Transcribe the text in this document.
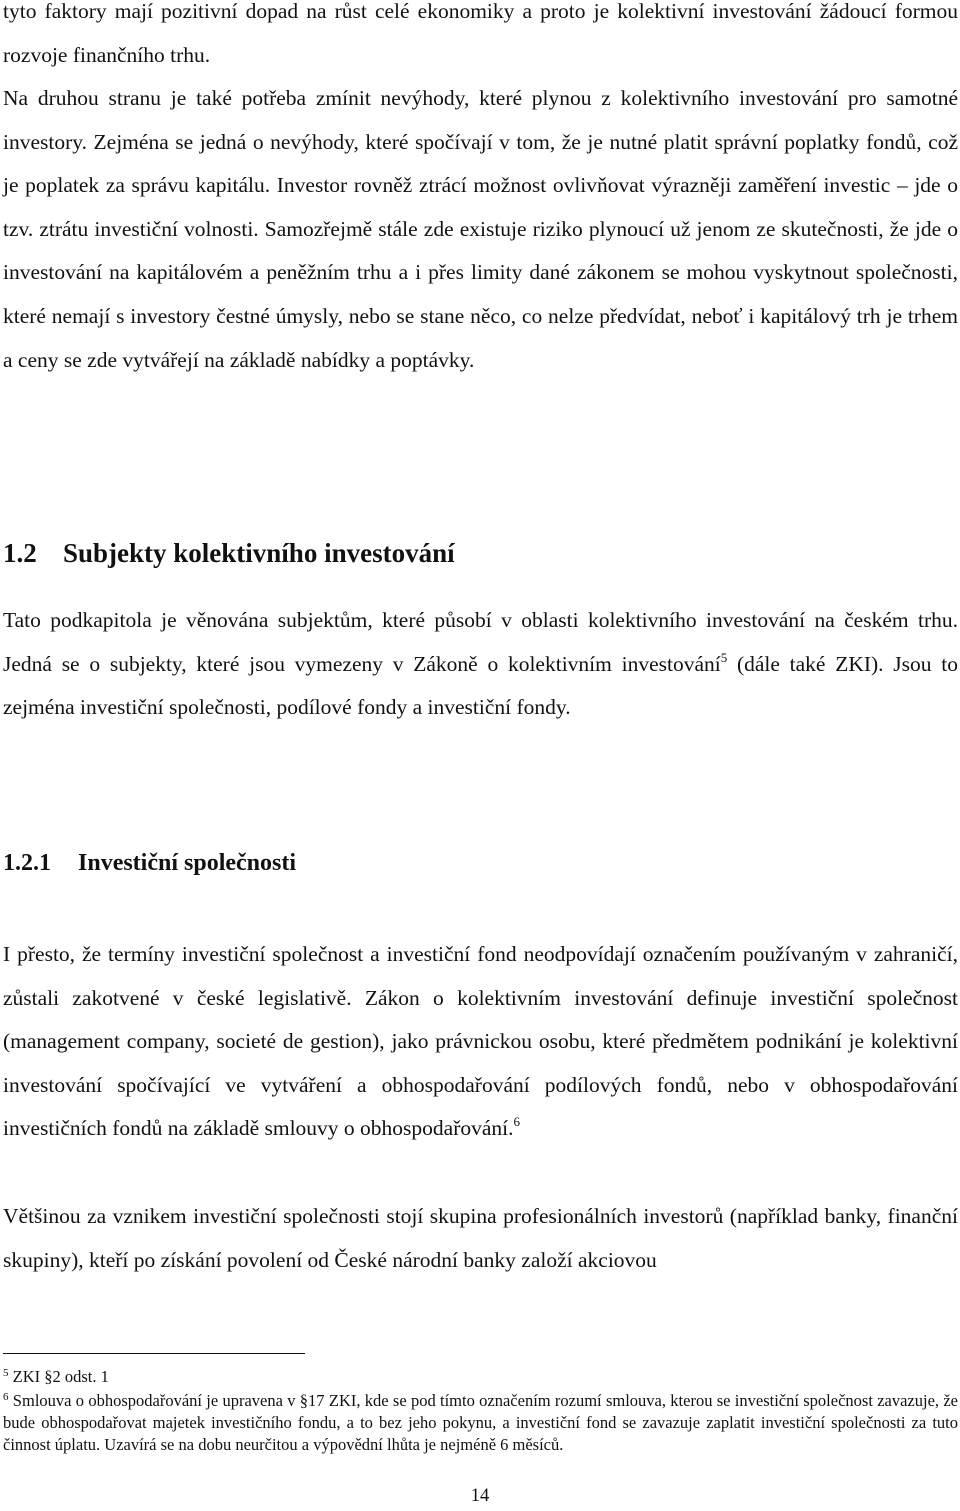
tyto faktory mají pozitivní dopad na růst celé ekonomiky a proto je kolektivní investování žádoucí formou rozvoje finančního trhu.

Na druhou stranu je také potřeba zmínit nevýhody, které plynou z kolektivního investování pro samotné investory. Zejména se jedná o nevýhody, které spočívají v tom, že je nutné platit správní poplatky fondů, což je poplatek za správu kapitálu. Investor rovněž ztrácí možnost ovlivňovat výrazněji zaměření investic – jde o tzv. ztrátu investiční volnosti. Samozřejmě stále zde existuje riziko plynoucí už jenom ze skutečnosti, že jde o investování na kapitálovém a peněžním trhu a i přes limity dané zákonem se mohou vyskytnout společnosti, které nemají s investory čestné úmysly, nebo se stane něco, co nelze předvídat, neboť i kapitálový trh je trhem a ceny se zde vytvářejí na základě nabídky a poptávky.

1.2 Subjekty kolektivního investování

Tato podkapitola je věnována subjektům, které působí v oblasti kolektivního investování na českém trhu. Jedná se o subjekty, které jsou vymezeny v Zákoně o kolektivním investování$^5$ (dále také ZKI). Jsou to zejména investiční společnosti, podílové fondy a investiční fondy.

1.2.1 Investiční společnosti

I přesto, že termíny investiční společnost a investiční fond neodpovídají označením používaným v zahraničí, zůstali zakotvené v české legislativě. Zákon o kolektivním investování definuje investiční společnost (management company, societé de gestion), jako právnickou osobu, které předmětem podnikání je kolektivní investování spočívající ve vytváření a obhospodařování podílových fondů, nebo v obhospodařování investičních fondů na základě smlouvy o obhospodařování.$^6$

Většinou za vznikem investiční společnosti stojí skupina profesionálních investorů (například banky, finanční skupiny), kteří po získání povolení od České národní banky založí akciovou

$^5$ ZKI §2 odst. 1

$^6$ Smlouva o obhospodařování je upravena v §17 ZKI, kde se pod tímto označením rozumí smlouva, kterou se investiční společnost zavazuje, že bude obhospodařovat majetek investičního fondu, a to bez jeho pokynu, a investiční fond se zavazuje zaplatit investiční společnosti za tuto činnost úplatu. Uzavírá se na dobu neurčitou a výpovědní lhůta je nejméně 6 měsíců.

14
